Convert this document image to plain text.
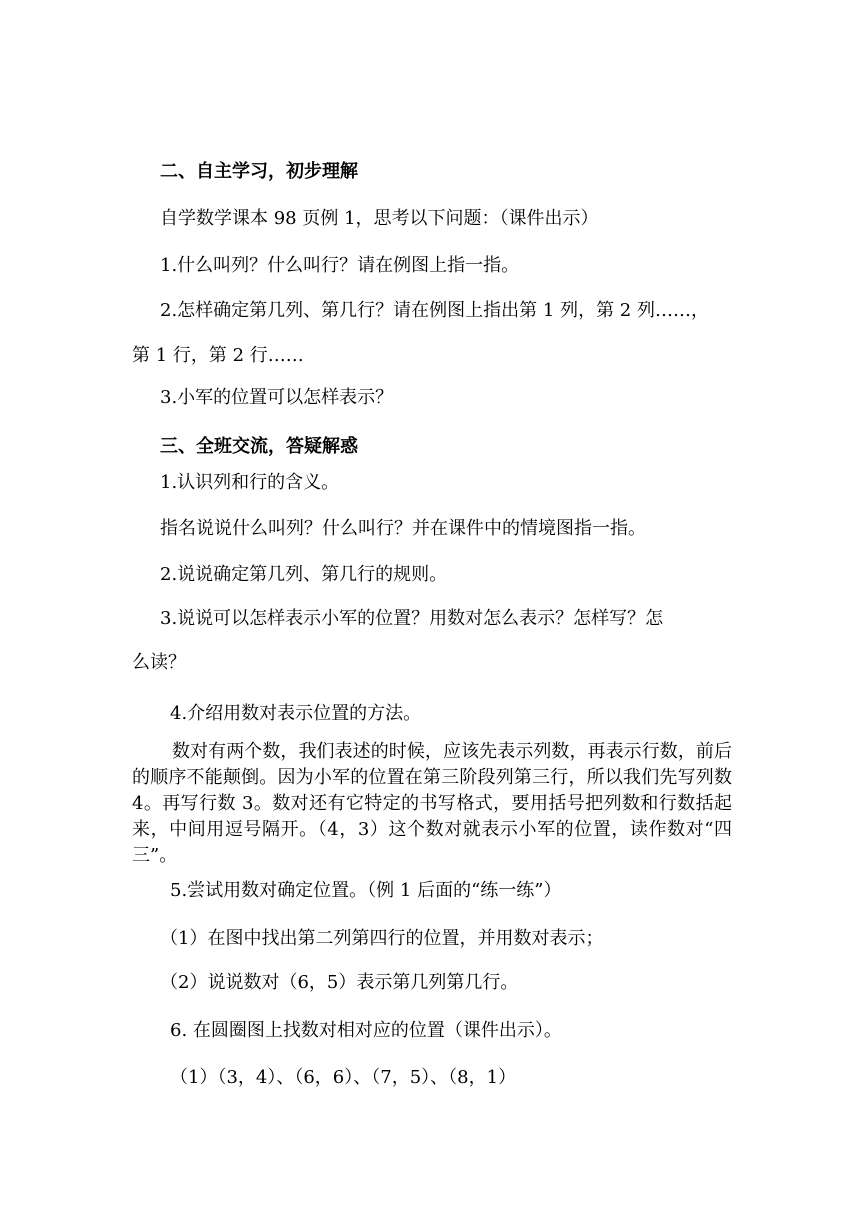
二、自主学习，初步理解
自学数学课本 98 页例 1，思考以下问题：（课件出示）
1.什么叫列？什么叫行？请在例图上指一指。
2.怎样确定第几列、第几行？请在例图上指出第 1 列，第 2 列……，
第 1 行，第 2 行……
3.小军的位置可以怎样表示？
三、全班交流，答疑解惑
1.认识列和行的含义。
指名说说什么叫列？什么叫行？并在课件中的情境图指一指。
2.说说确定第几列、第几行的规则。
3.说说可以怎样表示小军的位置？用数对怎么表示？怎样写？怎
么读？
4.介绍用数对表示位置的方法。
数对有两个数，我们表述的时候，应该先表示列数，再表示行数，前后的顺序不能颠倒。因为小军的位置在第三阶段列第三行，所以我们先写列数 4。再写行数 3。数对还有它特定的书写格式，要用括号把列数和行数括起来，中间用逗号隔开。（4，3）这个数对就表示小军的位置，读作数对“四三”。
5.尝试用数对确定位置。（例 1 后面的“练一练”）
（1）在图中找出第二列第四行的位置，并用数对表示；
（2）说说数对（6，5）表示第几列第几行。
6. 在圆圈图上找数对相对应的位置（课件出示）。
（1）（3，4）、（6，6）、（7，5）、（8，1）
